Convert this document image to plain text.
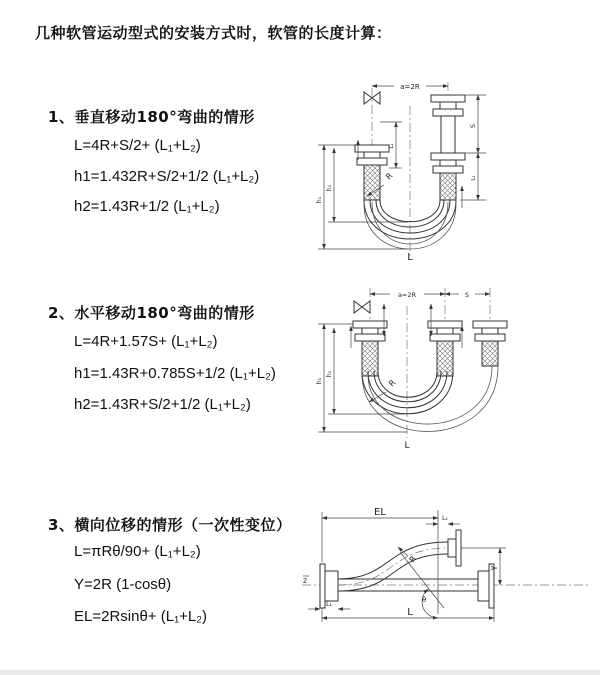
几种软管运动型式的安装方式时，软管的长度计算：
1、垂直移动180°弯曲的情形
L=4R+S/2+ (L₁+L₂)
h1=1.432R+S/2+1/2 (L₁+L₂)
h2=1.43R+1/2 (L₁+L₂)
2、水平移动180°弯曲的情形
L=4R+1.57S+ (L₁+L₂)
h1=1.43R+0.785S+1/2 (L₁+L₂)
h2=1.43R+S/2+1/2 (L₁+L₂)
3、横向位移的情形（一次性变位）
L=πRθ/90+ (L₁+L₂)
Y=2R (1-cosθ)
EL=2Rsinθ+ (L₁+L₂)
a=2R
S
L₁
L₁
h₁
h₂
R
L
a=2R	S
h₁
h₂
R
L
Z
EL
L₁
Y
θ
R
L₁
L
